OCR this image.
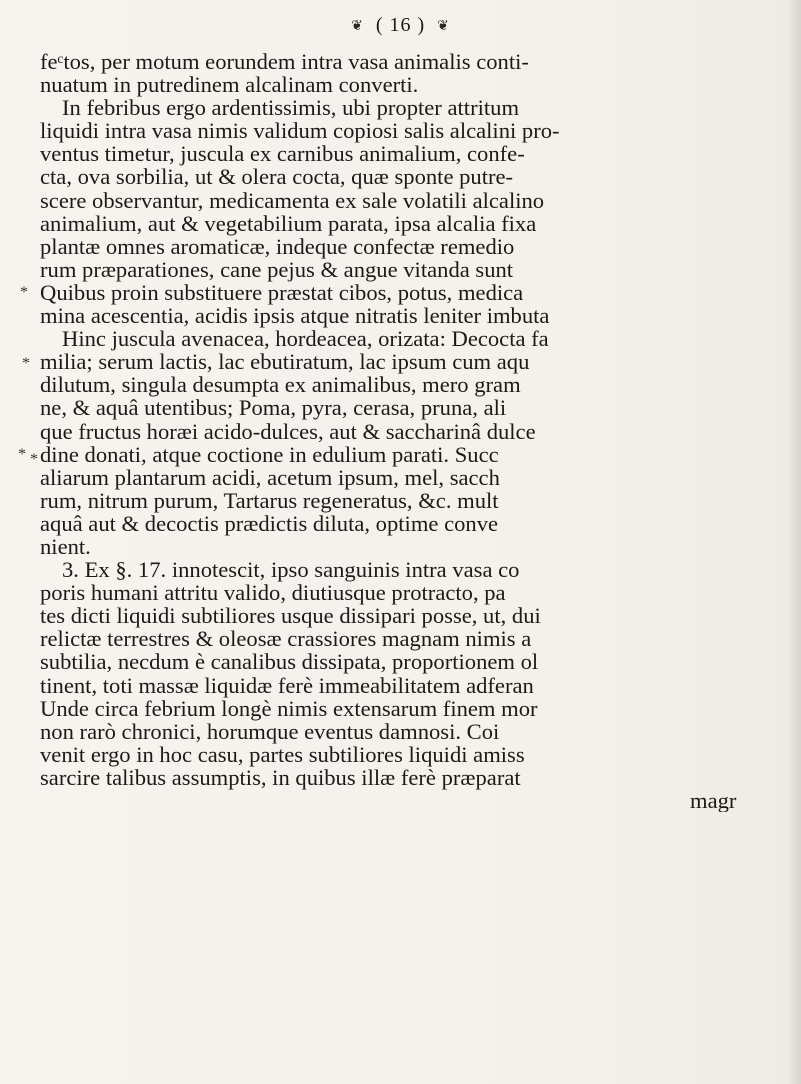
❦ ( 16 ) ❦
*
*
* *
feᶜtos, per motum eorundem intra vasa animalis conti-
nuatum in putredinem alcalinam converti.
In febribus ergo ardentissimis, ubi propter attritum
liquidi intra vasa nimis validum copiosi salis alcalini pro-
ventus timetur, jusculа ex carnibus animalium, confe-
cta, ova sorbilia, ut & olera cocta, quæ sponte putre-
scere observantur, medicamenta ex sale volatili alcalino
animalium, aut & vegetabilium parata, ipsa alcalia fixa
plantæ omnes aromaticæ, indeque confectæ remedio
rum præparationes, cane pejus & angue vitanda sunt
Quibus proin substituere præstat cibos, potus, medica
mina acescentia, acidis ipsis atque nitratis leniter imbuta
Hinc jusculа avenacea, hordeacea, orizata: Decocta fa
milia; serum lactis, lac ebutiratum, lac ipsum cum aqu
dilutum, singula desumpta ex animalibus, mero gram
ne, & aquâ utentibus; Poma, pyra, cerasa, pruna, ali
que fructus horæi acido-dulces, aut & saccharinâ dulce
dine donati, atque coctione in edulium parati. Succ
aliarum plantarum acidi, acetum ipsum, mel, sacch
rum, nitrum purum, Tartarus regeneratus, &c. mult
aquâ aut & decoctis prædictis diluta, optime conve
nient.
3. Ex §. 17. innotescit, ipso sanguinis intra vasa co
poris humani attritu valido, diutiusque protracto, pa
tes dicti liquidi subtiliores usque dissipari posse, ut, dui
relictæ terrestres & oleosæ crassiores magnam nimis a
subtilia, necdum è canalibus dissipata, proportionem ol
tinent, toti massæ liquidæ ferè immeabilitatem adferan
Unde circa febrium longè nimis extensarum finem mor
non rarò chronici, horumque eventus damnosi. Coi
venit ergo in hoc casu, partes subtiliores liquidi amiss
sarcire talibus assumptis, in quibus illæ ferè præparat
magr
